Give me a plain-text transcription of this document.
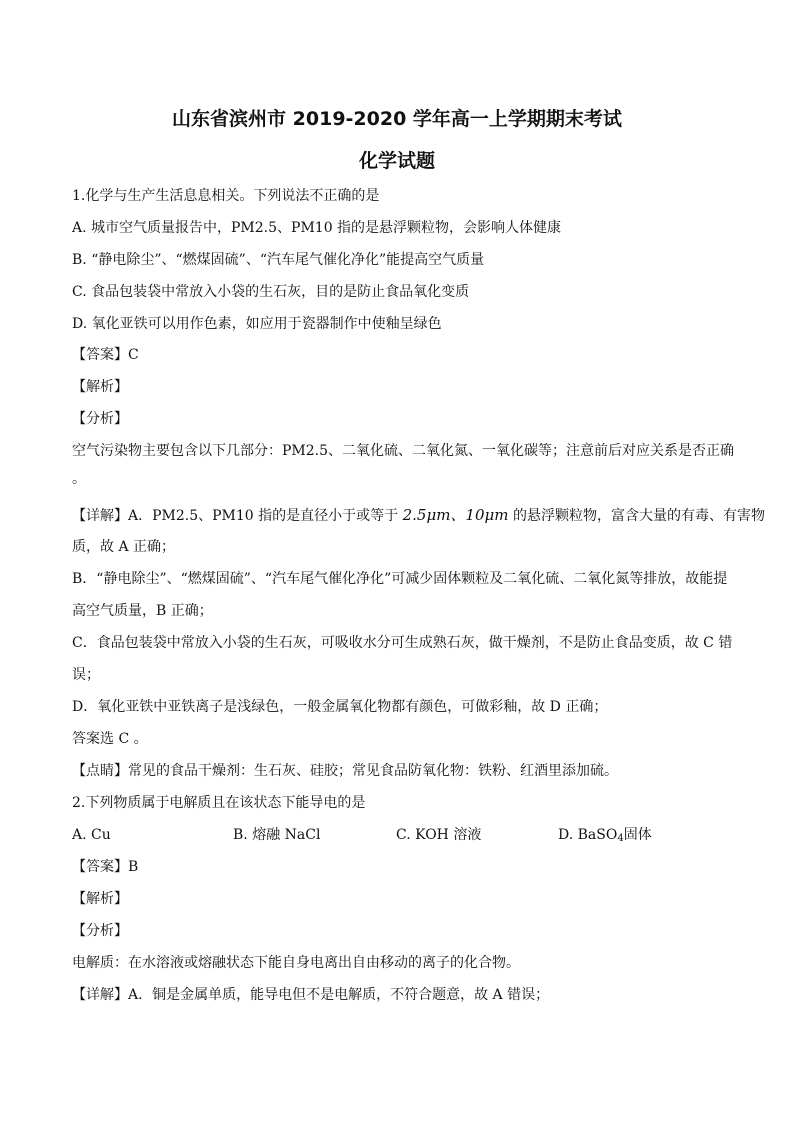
山东省滨州市 2019-2020 学年高一上学期期末考试
化学试题
1.化学与生产生活息息相关。下列说法不正确的是
A. 城市空气质量报告中，PM2.5、PM10 指的是悬浮颗粒物，会影响人体健康
B. “静电除尘”、“燃煤固硫”、“汽车尾气催化净化”能提高空气质量
C. 食品包装袋中常放入小袋的生石灰，目的是防止食品氧化变质
D. 氧化亚铁可以用作色素，如应用于瓷器制作中使釉呈绿色
【答案】C
【解析】
【分析】
空气污染物主要包含以下几部分：PM2.5、二氧化硫、二氧化氮、一氧化碳等；注意前后对应关系是否正确
。
【详解】A．PM2.5、PM10 指的是直径小于或等于 2.5μm、10μm 的悬浮颗粒物，富含大量的有毒、有害物
质，故 A 正确；
B．“静电除尘”、“燃煤固硫”、“汽车尾气催化净化”可减少固体颗粒及二氧化硫、二氧化氮等排放，故能提
高空气质量，B 正确；
C．食品包装袋中常放入小袋的生石灰，可吸收水分可生成熟石灰，做干燥剂，不是防止食品变质，故 C 错
误；
D．氧化亚铁中亚铁离子是浅绿色，一般金属氧化物都有颜色，可做彩釉，故 D 正确；
答案选 C 。
【点睛】常见的食品干燥剂：生石灰、硅胶；常见食品防氧化物：铁粉、红酒里添加硫。
2.下列物质属于电解质且在该状态下能导电的是
A. Cu	B. 熔融 NaCl	C. KOH 溶液	D. BaSO$_4$固体
【答案】B
【解析】
【分析】
电解质：在水溶液或熔融状态下能自身电离出自由移动的离子的化合物。
【详解】A．铜是金属单质，能导电但不是电解质，不符合题意，故 A 错误；
